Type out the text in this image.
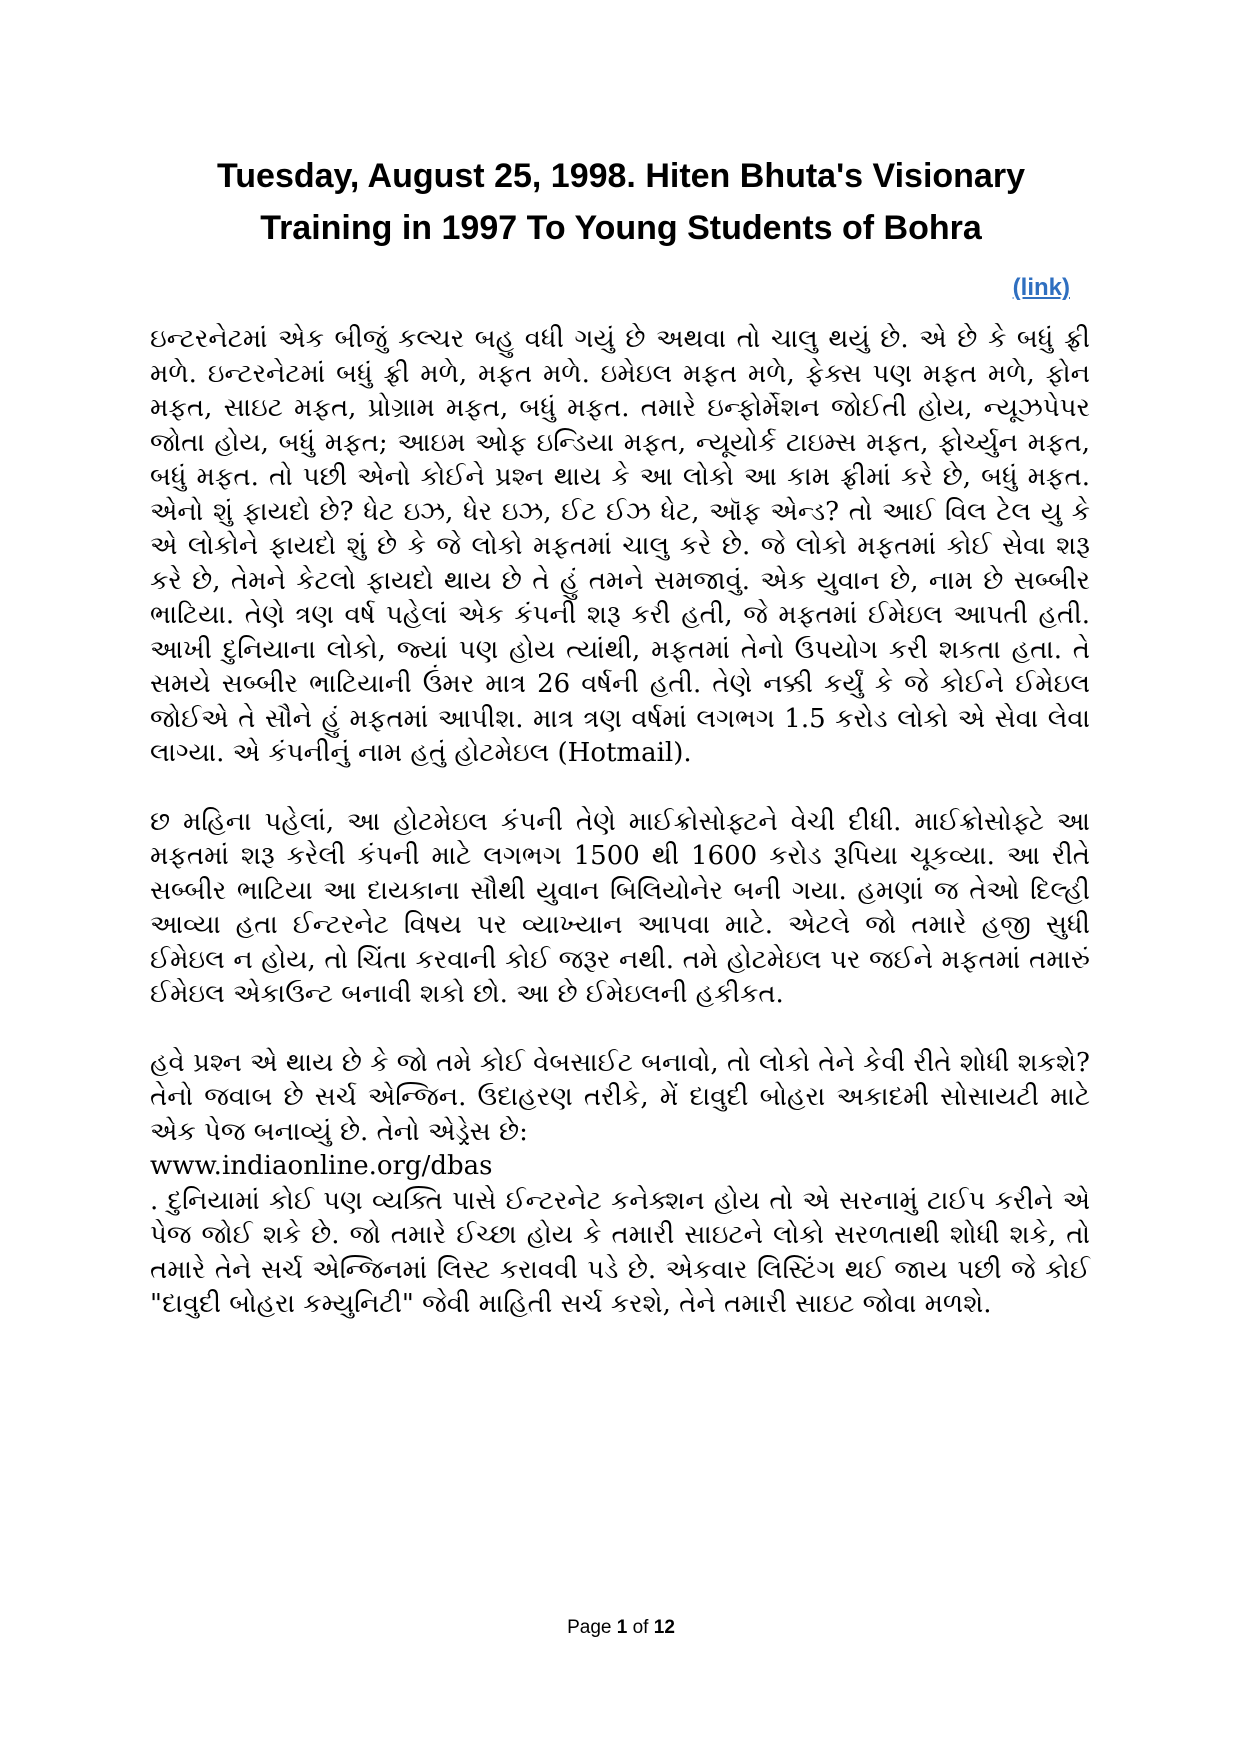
Tuesday, August 25, 1998. Hiten Bhuta's Visionary
Training in 1997 To Young Students of Bohra
(link)

ઇન્ટરનેટમાં એક બીજું કલ્ચર બહુ વધી ગયું છે અથવા તો ચાલુ થયું છે. એ છે કે બધું ફ્રી મળે. ઇન્ટરનેટમાં બધું ફ્રી મળે, મફત મળે. ઇમેઇલ મફત મળે, ફેક્સ પણ મફત મળે, ફોન મફત, સાઇટ મફત, પ્રોગ્રામ મફત, બધું મફત. તમારે ઇન્ફોર્મેશન જોઈતી હોય, ન્યૂઝપેપર જોતા હોય, બધું મફત; આઇમ ઓફ ઇન્ડિયા મફત, ન્યૂયોર્ક ટાઇમ્સ મફત, ફોર્ચ્યુન મફત, બધું મફત. તો પછી એનો કોઈને પ્રશ્ન થાય કે આ લોકો આ કામ ફ્રીમાં કરે છે, બધું મફત. એનો શું ફાયદો છે? ધેટ ઇઝ, ધેર ઇઝ, ઈટ ઈઝ ધેટ, ઑફ એન્ડ? તો આઈ વિલ ટેલ યુ કે એ લોકોને ફાયદો શું છે કે જે લોકો મફતમાં ચાલુ કરે છે. જે લોકો મફતમાં કોઈ સેવા શરૂ કરે છે, તેમને કેટલો ફાયદો થાય છે તે હું તમને સમજાવું. એક યુવાન છે, નામ છે સબ્બીર ભાટિયા. તેણે ત્રણ વર્ષ પહેલાં એક કંપની શરૂ કરી હતી, જે મફતમાં ઈમેઇલ આપતી હતી. આખી દુનિયાના લોકો, જ્યાં પણ હોય ત્યાંથી, મફતમાં તેનો ઉપયોગ કરી શકતા હતા. તે સમયે સબ્બીર ભાટિયાની ઉંમર માત્ર 26 વર્ષની હતી. તેણે નક્કી કર્યું કે જે કોઈને ઈમેઇલ જોઈએ તે સૌને હું મફતમાં આપીશ. માત્ર ત્રણ વર્ષમાં લગભગ 1.5 કરોડ લોકો એ સેવા લેવા લાગ્યા. એ કંપનીનું નામ હતું હોટમેઇલ (Hotmail).

છ મહિના પહેલાં, આ હોટમેઇલ કંપની તેણે માઈક્રોસોફ્ટને વેચી દીધી. માઈક્રોસોફ્ટે આ મફતમાં શરૂ કરેલી કંપની માટે લગભગ 1500 થી 1600 કરોડ રૂપિયા ચૂકવ્યા. આ રીતે સબ્બીર ભાટિયા આ દાયકાના સૌથી યુવાન બિલિયોનેર બની ગયા. હમણાં જ તેઓ દિલ્હી આવ્યા હતા ઈન્ટરનેટ વિષય પર વ્યાખ્યાન આપવા માટે. એટલે જો તમારે હજી સુધી ઈમેઇલ ન હોય, તો ચિંતા કરવાની કોઈ જરૂર નથી. તમે હોટમેઇલ પર જઈને મફતમાં તમારું ઈમેઇલ એકાઉન્ટ બનાવી શકો છો. આ છે ઈમેઇલની હકીકત.

હવે પ્રશ્ન એ થાય છે કે જો તમે કોઈ વેબસાઈટ બનાવો, તો લોકો તેને કેવી રીતે શોધી શકશે? તેનો જવાબ છે સર્ચ એન્જિન. ઉદાહરણ તરીકે, મેં દાવુદી બોહરા અકાદમી સોસાયટી માટે એક પેજ બનાવ્યું છે. તેનો એડ્રેસ છે:
www.indiaonline.org/dbas
. દુનિયામાં કોઈ પણ વ્યક્તિ પાસે ઈન્ટરનેટ કનેક્શન હોય તો એ સરનામું ટાઈપ કરીને એ પેજ જોઈ શકે છે. જો તમારે ઈચ્છા હોય કે તમારી સાઇટને લોકો સરળતાથી શોધી શકે, તો તમારે તેને સર્ચ એન્જિનમાં લિસ્ટ કરાવવી પડે છે. એકવાર લિસ્ટિંગ થઈ જાય પછી જે કોઈ "દાવુદી બોહરા કમ્યુનિટી" જેવી માહિતી સર્ચ કરશે, તેને તમારી સાઇટ જોવા મળશે.

Page 1 of 12
